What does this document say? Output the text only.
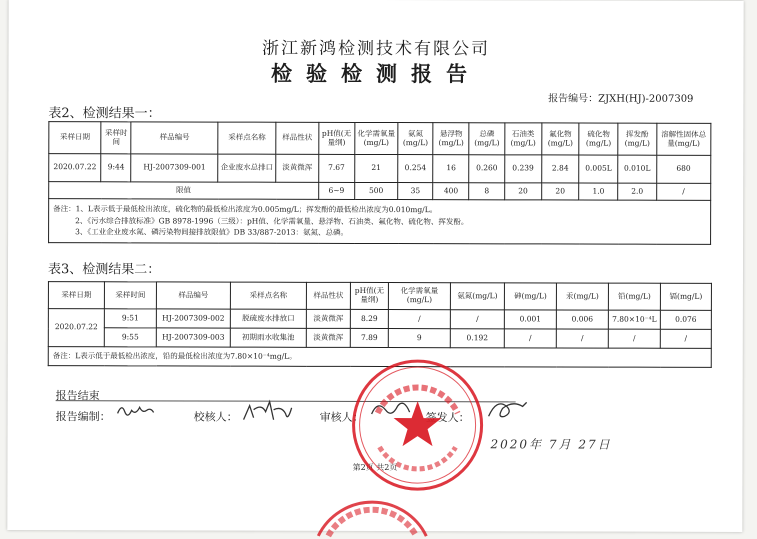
浙江新鸿检测技术有限公司
检验检测报告
报告编号：ZJXH(HJ)-2007309
表2、检测结果一：
采样日期	采样时间	样品编号	采样点名称	样品性状	pH值(无量纲)	化学需氧量(mg/L)	氨氮(mg/L)	悬浮物(mg/L)	总磷(mg/L)	石油类(mg/L)	氟化物(mg/L)	硫化物(mg/L)	挥发酚(mg/L)	溶解性固体总量(mg/L)
2020.07.22	9:44	HJ-2007309-001	企业废水总排口	淡黄微浑	7.67	21	0.254	16	0.260	0.239	2.84	0.005L	0.010L	680
限值					6~9	500	35	400	8	20	20	1.0	2.0	/

备注：1、L表示低于最低检出浓度，硫化物的最低检出浓度为0.005mg/L；挥发酚的最低检出浓度为0.010mg/L。
2、《污水综合排放标准》GB 8978-1996（三级）：pH值、化学需氧量、悬浮物、石油类、氟化物、硫化物、挥发酚。
3、《工业企业废水氮、磷污染物间接排放限值》DB 33/887-2013：氨氮、总磷。														
表3、检测结果二：
采样日期	采样时间	样品编号	采样点名称	样品性状	pH值(无量纲)	化学需氧量(mg/L)	氨氮(mg/L)	砷(mg/L)	汞(mg/L)	铅(mg/L)	镉(mg/L)
2020.07.22	9:51	HJ-2007309-002	脱硫废水排放口	淡黄微浑	8.29	/	/	0.001	0.006	7.80×10⁻⁴L	0.076
	9:55	HJ-2007309-003	初期雨水收集池	淡黄微浑	7.89	9	0.192	/	/	/	/
备注：L表示低于最低检出浓度，铅的最低检出浓度为7.80×10⁻⁴mg/L。											
报告结束
报告编制：	校核人：	审核人：	签发人：
2020年 7月 27日
第2页 共2页
